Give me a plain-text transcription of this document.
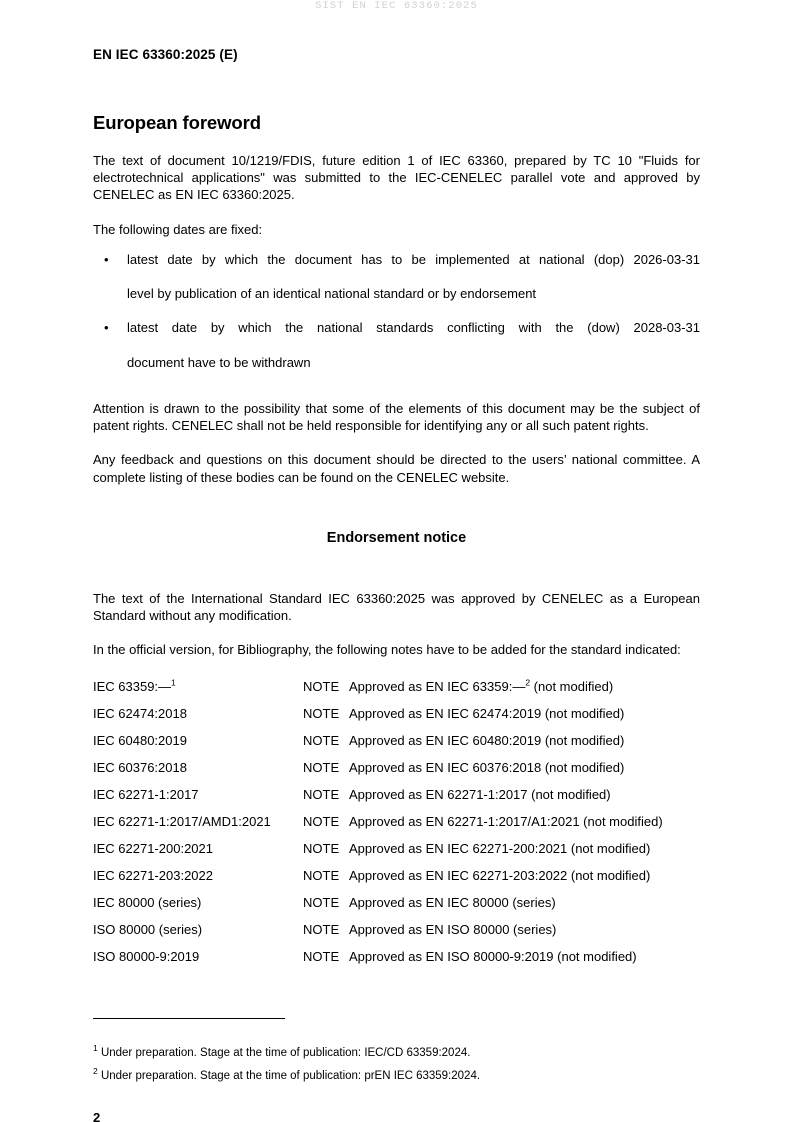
SIST EN IEC 63360:2025
EN IEC 63360:2025 (E)
European foreword

The text of document 10/1219/FDIS, future edition 1 of IEC 63360, prepared by TC 10 "Fluids for electrotechnical applications" was submitted to the IEC-CENELEC parallel vote and approved by CENELEC as EN IEC 63360:2025.

The following dates are fixed:

• latest date by which the document has to be implemented at national (dop) 2026-03-31
level by publication of an identical national standard or by endorsement
• latest date by which the national standards conflicting with the (dow) 2028-03-31
document have to be withdrawn

Attention is drawn to the possibility that some of the elements of this document may be the subject of patent rights. CENELEC shall not be held responsible for identifying any or all such patent rights.

Any feedback and questions on this document should be directed to the users’ national committee. A complete listing of these bodies can be found on the CENELEC website.

Endorsement notice

The text of the International Standard IEC 63360:2025 was approved by CENELEC as a European Standard without any modification.

In the official version, for Bibliography, the following notes have to be added for the standard indicated:

IEC 63359:—$^1$	NOTE	Approved as EN IEC 63359:—$^2$ (not modified)
IEC 62474:2018	NOTE	Approved as EN IEC 62474:2019 (not modified)
IEC 60480:2019	NOTE	Approved as EN IEC 60480:2019 (not modified)
IEC 60376:2018	NOTE	Approved as EN IEC 60376:2018 (not modified)
IEC 62271-1:2017	NOTE	Approved as EN 62271-1:2017 (not modified)
IEC 62271-1:2017/AMD1:2021	NOTE	Approved as EN 62271-1:2017/A1:2021 (not modified)
IEC 62271-200:2021	NOTE	Approved as EN IEC 62271-200:2021 (not modified)
IEC 62271-203:2022	NOTE	Approved as EN IEC 62271-203:2022 (not modified)
IEC 80000 (series)	NOTE	Approved as EN IEC 80000 (series)
ISO 80000 (series)	NOTE	Approved as EN ISO 80000 (series)
ISO 80000-9:2019	NOTE	Approved as EN ISO 80000-9:2019 (not modified)

$^1$ Under preparation. Stage at the time of publication: IEC/CD 63359:2024.

$^2$ Under preparation. Stage at the time of publication: prEN IEC 63359:2024.

2
